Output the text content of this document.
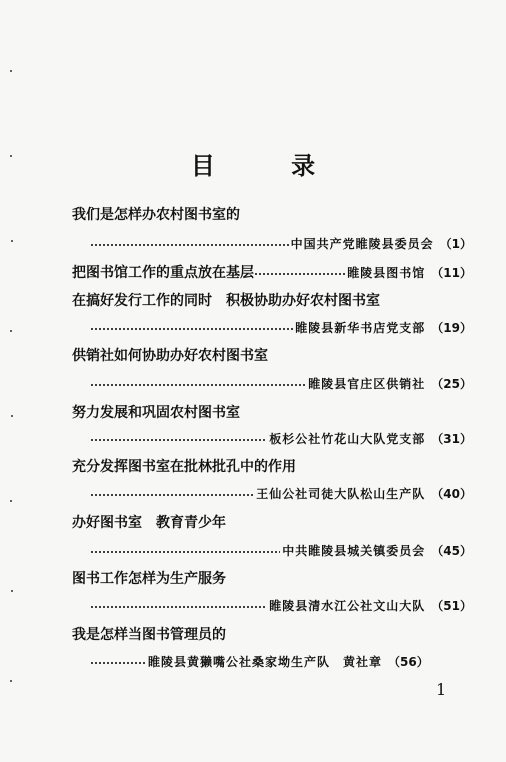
目 录
我们是怎样办农村图书室的
中国共产党睢陵县委员会 （1）
把图书馆工作的重点放在基层	睢陵县图书馆 （11）
在搞好发行工作的同时　积极协助办好农村图书室
睢陵县新华书店党支部 （19）
供销社如何协助办好农村图书室
睢陵县官庄区供销社 （25）
努力发展和巩固农村图书室
板杉公社竹花山大队党支部 （31）
充分发挥图书室在批林批孔中的作用
王仙公社司徒大队松山生产队 （40）
办好图书室　教育青少年
中共睢陵县城关镇委员会 （45）
图书工作怎样为生产服务
睢陵县清水江公社文山大队 （51）
我是怎样当图书管理员的
睢陵县黄獭嘴公社桑家坳生产队　黄社章 （56）
1
